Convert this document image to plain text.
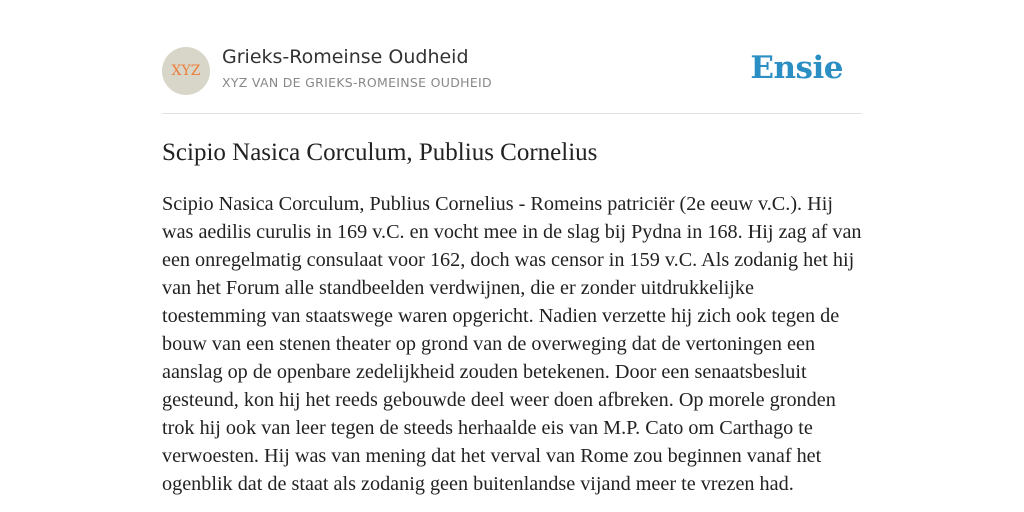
XYZ
Grieks-Romeinse Oudheid
XYZ VAN DE GRIEKS-ROMEINSE OUDHEID	Ensie
Scipio Nasica Corculum, Publius Cornelius

Scipio Nasica Corculum, Publius Cornelius - Romeins patriciër (2e eeuw v.C.). Hij was aedilis curulis in 169 v.C. en vocht mee in de slag bij Pydna in 168. Hij zag af van een onregelmatig consulaat voor 162, doch was censor in 159 v.C. Als zodanig het hij van het Forum alle standbeelden verdwijnen, die er zonder uitdrukkelijke toestemming van staatswege waren opgericht. Nadien verzette hij zich ook tegen de bouw van een stenen theater op grond van de overweging dat de vertoningen een aanslag op de openbare zedelijkheid zouden betekenen. Door een senaatsbesluit gesteund, kon hij het reeds gebouwde deel weer doen afbreken. Op morele gronden trok hij ook van leer tegen de steeds herhaalde eis van M.P. Cato om Carthago te verwoesten. Hij was van mening dat het verval van Rome zou beginnen vanaf het ogenblik dat de staat als zodanig geen buitenlandse vijand meer te vrezen had.
